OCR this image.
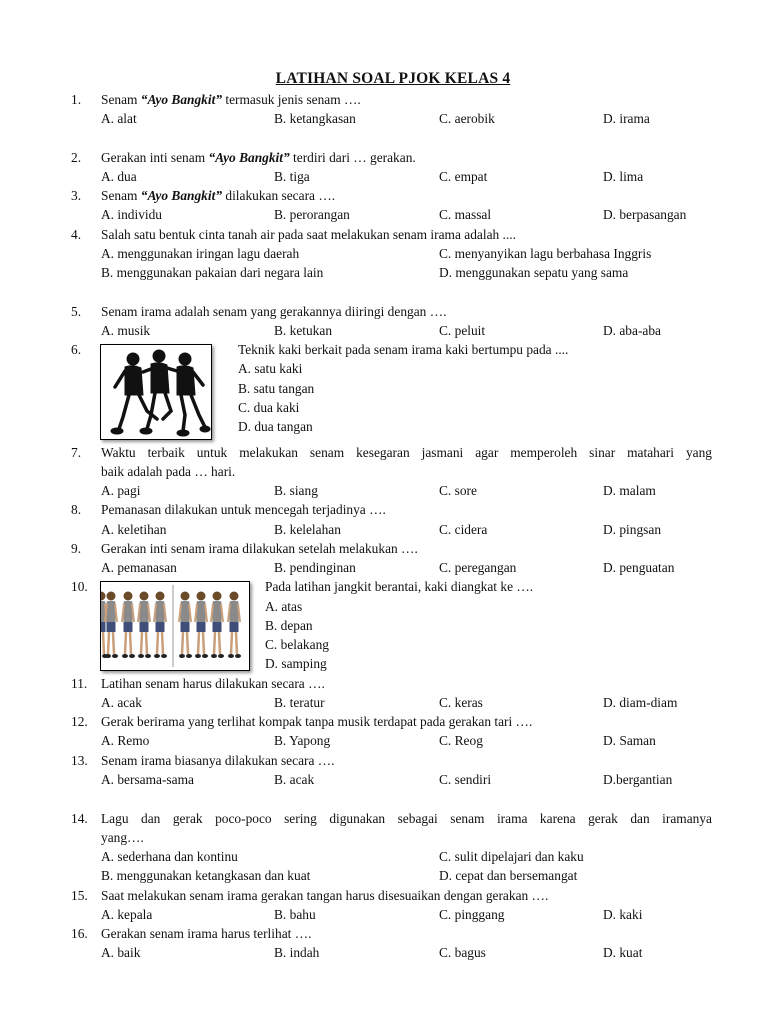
LATIHAN SOAL PJOK KELAS 4
1.	Senam “Ayo Bangkit” termasuk jenis senam ….
A. alat	B. ketangkasan	C. aerobik	D. irama
2.	Gerakan inti senam “Ayo Bangkit” terdiri dari … gerakan.
A. dua	B. tiga	C. empat	D. lima
3.	Senam “Ayo Bangkit” dilakukan secara ….
A. individu	B. perorangan	C. massal	D. berpasangan
4.	Salah satu bentuk cinta tanah air pada saat melakukan senam irama adalah ....
A. menggunakan iringan lagu daerah	C. menyanyikan lagu berbahasa Inggris
B. menggunakan pakaian dari negara lain	D. menggunakan sepatu yang sama
5.	Senam irama adalah senam yang gerakannya diiringi dengan ….
A. musik	B. ketukan	C. peluit	D. aba-aba
6.	Teknik kaki berkait pada senam irama kaki bertumpu pada ....
A. satu kaki
B. satu tangan
C. dua kaki
D. dua tangan
7.	Waktu terbaik untuk melakukan senam kesegaran jasmani agar memperoleh sinar matahari yang
baik adalah pada … hari.
A. pagi	B. siang	C. sore	D. malam
8.	Pemanasan dilakukan untuk mencegah terjadinya ….
A. keletihan	B. kelelahan	C. cidera	D. pingsan
9.	Gerakan inti senam irama dilakukan setelah melakukan ….
A. pemanasan	B. pendinginan	C. peregangan	D. penguatan
10.	Pada latihan jangkit berantai, kaki diangkat ke ….
A. atas
B. depan
C. belakang
D. samping
11.	Latihan senam harus dilakukan secara ….
A. acak	B. teratur	C. keras	D. diam-diam
12. Gerak berirama yang terlihat kompak tanpa musik terdapat pada gerakan tari ….
A. Remo	B. Yapong	C. Reog	D. Saman
13. Senam irama biasanya dilakukan secara ….
A. bersama-sama	B. acak	C. sendiri	D.bergantian
14. Lagu dan gerak poco-poco sering digunakan sebagai senam irama karena gerak dan iramanya
yang….
A. sederhana dan kontinu	C. sulit dipelajari dan kaku
B. menggunakan ketangkasan dan kuat	D. cepat dan bersemangat
15. Saat melakukan senam irama gerakan tangan harus disesuaikan dengan gerakan ….
A. kepala	B. bahu	C. pinggang	D. kaki
16. Gerakan senam irama harus terlihat ….
A. baik	B. indah	C. bagus	D. kuat
